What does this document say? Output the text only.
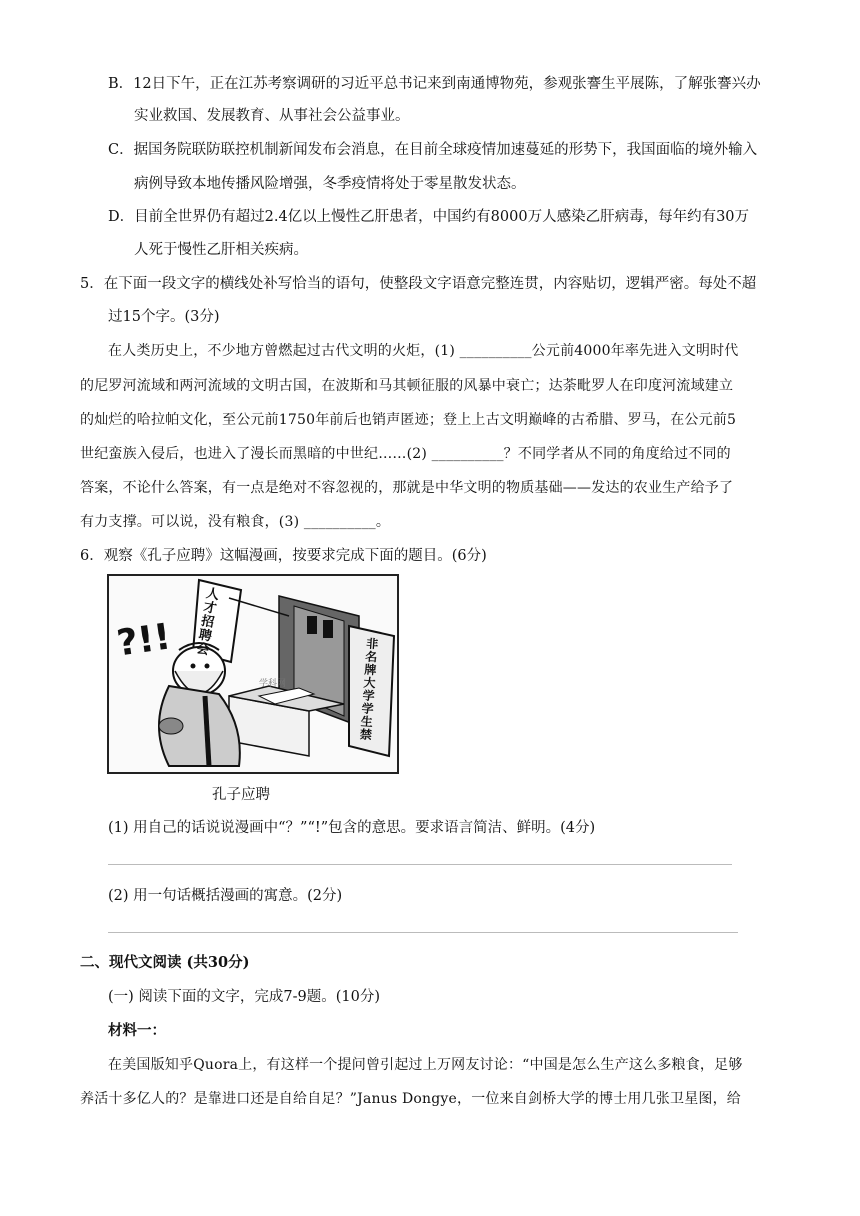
B．12日下午，正在江苏考察调研的习近平总书记来到南通博物苑，参观张謇生平展陈，了解张謇兴办
实业救国、发展教育、从事社会公益事业。
C．据国务院联防联控机制新闻发布会消息，在目前全球疫情加速蔓延的形势下，我国面临的境外输入
病例导致本地传播风险增强，冬季疫情将处于零星散发状态。
D．目前全世界仍有超过2.4亿以上慢性乙肝患者，中国约有8000万人感染乙肝病毒，每年约有30万
人死于慢性乙肝相关疾病。
5．在下面一段文字的横线处补写恰当的语句，使整段文字语意完整连贯，内容贴切，逻辑严密。每处不超
过15个字。(3分)
在人类历史上，不少地方曾燃起过古代文明的火炬，(1) __________公元前4000年率先进入文明时代
的尼罗河流域和两河流域的文明古国，在波斯和马其顿征服的风暴中衰亡；达荼毗罗人在印度河流域建立
的灿烂的哈拉帕文化，至公元前1750年前后也销声匿迹；登上上古文明巅峰的古希腊、罗马，在公元前5
世纪蛮族入侵后，也进入了漫长而黑暗的中世纪……(2) __________？不同学者从不同的角度给过不同的
答案，不论什么答案，有一点是绝对不容忽视的，那就是中华文明的物质基础——发达的农业生产给予了
有力支撑。可以说，没有粮食，(3) __________。
6．观察《孔子应聘》这幅漫画，按要求完成下面的题目。(6分)
人才招聘会	非名牌大学学生禁
?!!
学科网
孔子应聘
(1) 用自己的话说说漫画中“？”“!”包含的意思。要求语言简洁、鲜明。(4分)
(2) 用一句话概括漫画的寓意。(2分)
二、现代文阅读 (共30分)
(一) 阅读下面的文字，完成7-9题。(10分)
材料一：
在美国版知乎Quora上，有这样一个提问曾引起过上万网友讨论：“中国是怎么生产这么多粮食，足够
养活十多亿人的？是靠进口还是自给自足？”Janus Dongye，一位来自剑桥大学的博士用几张卫星图，给
